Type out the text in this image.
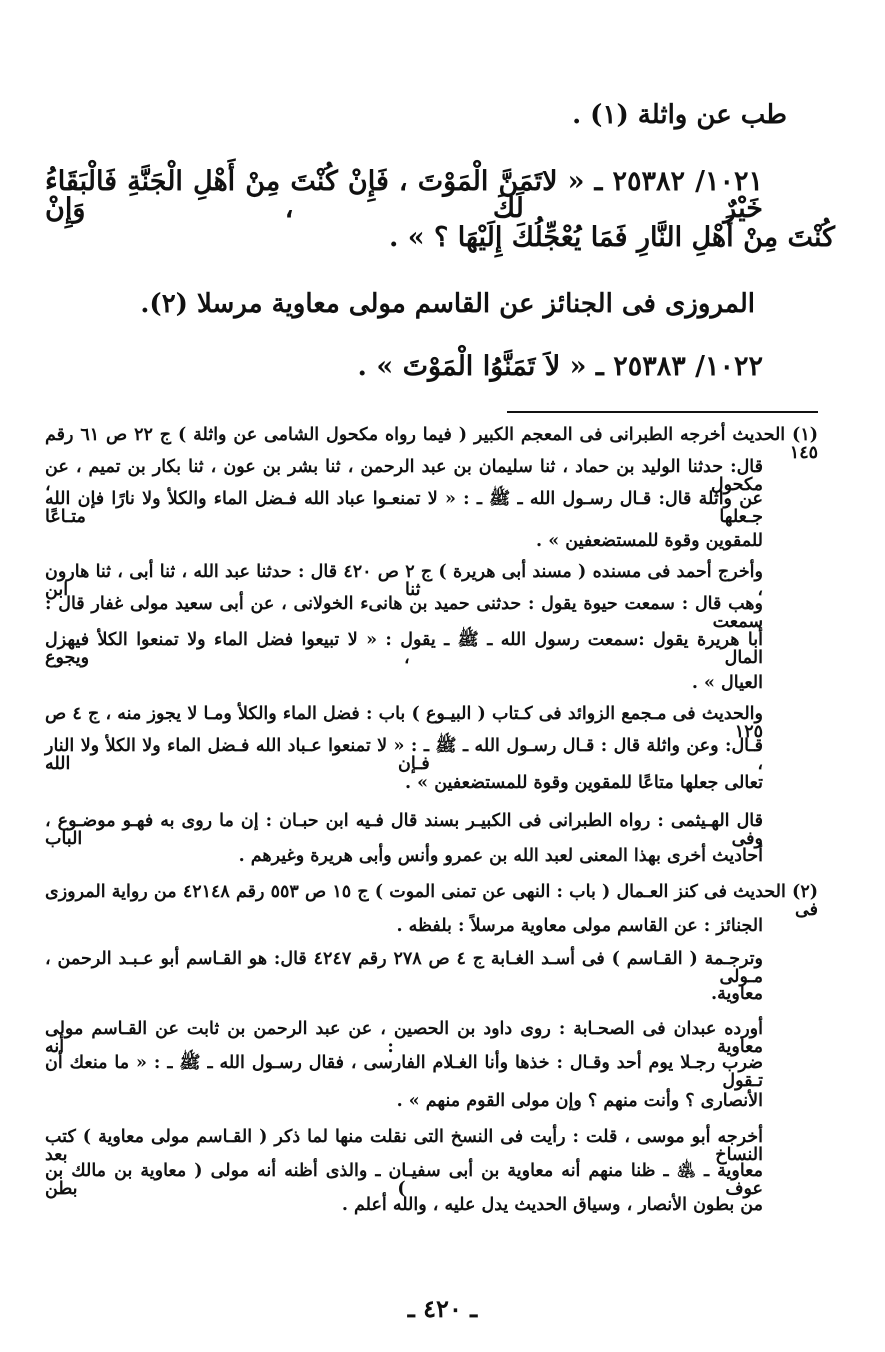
طب عن واثلة (١) .
١٠٢١/ ٢٥٣٨٢ ـ « لاتَمَنَّ الْمَوْتَ ، فَإِنْ كُنْتَ مِنْ أَهْلِ الْجَنَّةِ فَالْبَقَاءُ خَيْرٌ لَكَ ، وَإِنْ
كُنْتَ مِنْ أَهْلِ النَّارِ فَمَا يُعْجِّلُكَ إِلَيْهَا ؟ » .
المروزى فى الجنائز عن القاسم مولى معاوية مرسلا (٢).
١٠٢٢/ ٢٥٣٨٣ ـ « لاَ تَمَنَّوُا الْمَوْتَ » .
(١) الحديث أخرجه الطبرانى فى المعجم الكبير ( فيما رواه مكحول الشامى عن واثلة ) ج ٢٢ ص ٦١ رقم ١٤٥
قال: حدثنا الوليد بن حماد ، ثنا سليمان بن عبد الرحمن ، ثنا بشر بن عون ، ثنا بكار بن تميم ، عن مكحول ،
عن واثلة قال: قـال رسـول الله ـ ﷺ ـ : « لا تمنعـوا عباد الله فـضل الماء والكلأ ولا نارًا فإن الله جـعلها متـاعًا
للمقوين وقوة للمستضعفين » .
وأخرج أحمد فى مسنده ( مسند أبى هريرة ) ج ٢ ص ٤٢٠ قال : حدثنا عبد الله ، ثنا أبى ، ثنا هارون ، ثنا ابن
وهب قال : سمعت حيوة يقول : حدثنى حميد بن هانىء الخولانى ، عن أبى سعيد مولى غفار قال : سمعت
أبا هريرة يقول :سمعت رسول الله ـ ﷺ ـ يقول : « لا تبيعوا فضل الماء ولا تمنعوا الكلأ فيهزل المال ، ويجوع
العيال » .
والحديث فى مـجمع الزوائد فى كـتاب ( البيـوع ) باب : فضل الماء والكلأ ومـا لا يجوز منه ، ج ٤ ص ١٢٥
قـال: وعن واثلة قال : قـال رسـول الله ـ ﷺ ـ : « لا تمنعوا عـباد الله فـضل الماء ولا الكلأ ولا النار ، فـإن الله
تعالى جعلها متاعًا للمقوين وقوة للمستضعفين » .
قال الهـيثمى : رواه الطبرانى فى الكبيـر بسند قال فـيه ابن حبـان : إن ما روى به فهـو موضـوع ، وفى الباب
أحاديث أخرى بهذا المعنى لعبد الله بن عمرو وأنس وأبى هريرة وغيرهم .
(٢) الحديث فى كنز العـمال ( باب : النهى عن تمنى الموت ) ج ١٥ ص ٥٥٣ رقم ٤٢١٤٨ من رواية المروزى فى
الجنائز : عن القاسم مولى معاوية مرسلاً : بلفظه .
وترجـمة ( القـاسم ) فى أسـد الغـابة ج ٤ ص ٢٧٨ رقم ٤٢٤٧ قال: هو القـاسم أبو عـبـد الرحمن ، مـولى
معاوية.
أورده عبدان فى الصحـابة : روى داود بن الحصين ، عن عبد الرحمن بن ثابت عن القـاسم مولى معاوية : أنه
ضرب رجـلا يوم أحد وقـال : خذها وأنا الغـلام الفارسى ، فقال رسـول الله ـ ﷺ ـ : « ما منعك أن تـقول
الأنصارى ؟ وأنت منهم ؟ وإن مولى القوم منهم » .
أخرجه أبو موسى ، قلت : رأيت فى النسخ التى نقلت منها لما ذكر ( القـاسم مولى معاوية ) كتب النساخ بعد
معاوية ـ ﵁ ـ ظنا منهم أنه معاوية بن أبى سفيـان ـ والذى أظنه أنه مولى ( معاوية بن مالك بن عوف ) بطن
من بطون الأنصار ، وسياق الحديث يدل عليه ، والله أعلم .
ـ ٤٢٠ ـ
